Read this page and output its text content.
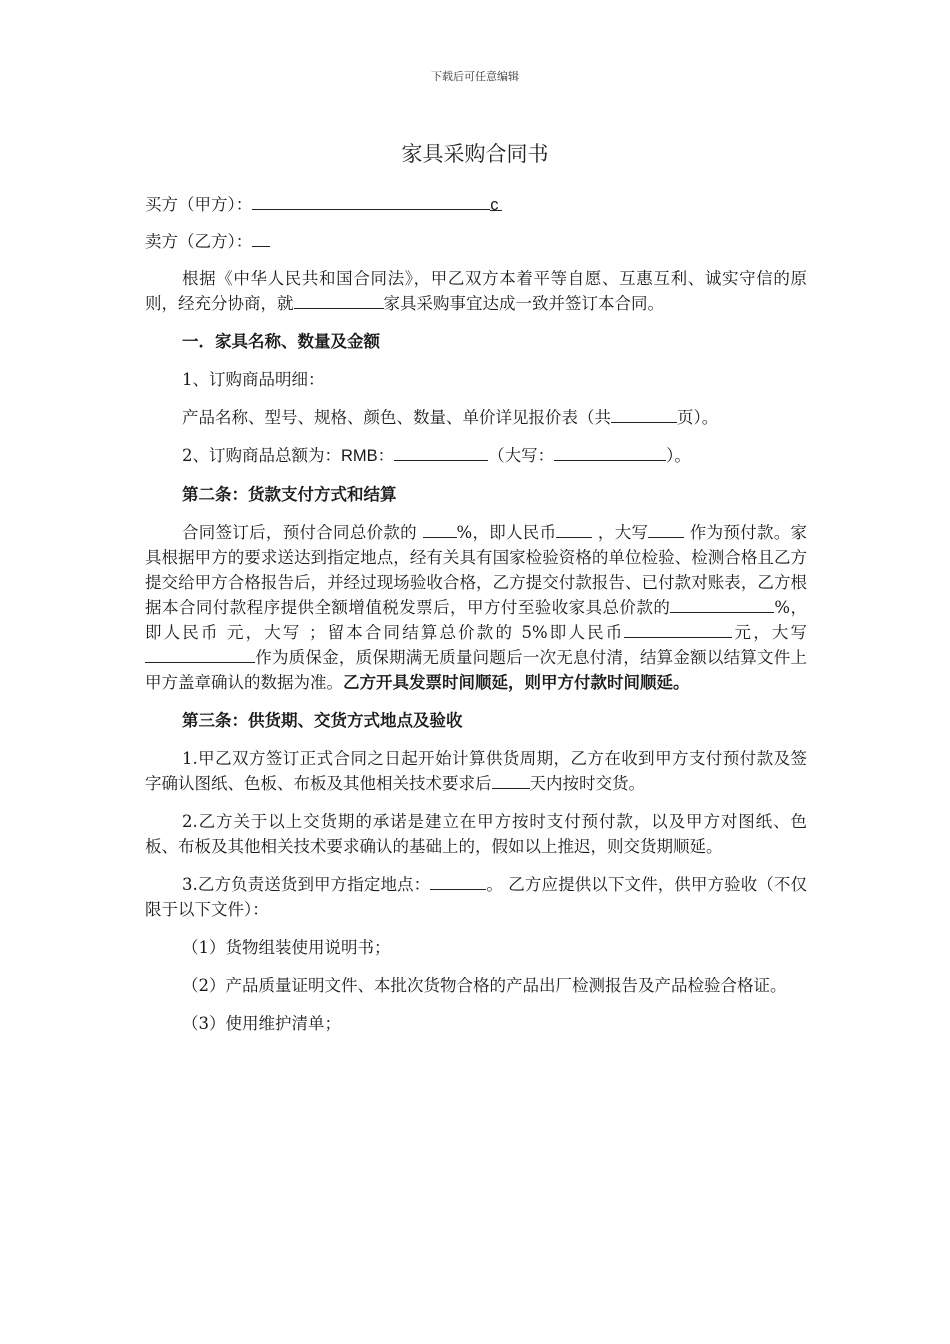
下载后可任意编辑
家具采购合同书

买方（甲方）：	c

卖方（乙方）：

根据《中华人民共和国合同法》，甲乙双方本着平等自愿、互惠互利、诚实守信的原则，经充分协商，就	家具采购事宜达成一致并签订本合同。

一．家具名称、数量及金额

1、订购商品明细：

产品名称、型号、规格、颜色、数量、单价详见报价表（共	页）。

2、订购商品总额为：RMB：	（大写：	）。

第二条：货款支付方式和结算

合同签订后，预付合同总价款的 %，即人民币 ，大写 作为预付款。家具根据甲方的要求送达到指定地点，经有关具有国家检验资格的单位检验、检测合格且乙方提交给甲方合格报告后，并经过现场验收合格，乙方提交付款报告、已付款对账表，乙方根据本合同付款程序提供全额增值税发票后，甲方付至验收家具总价款的	%，即人民币 元，大写 ；留本合同结算总价款的 5%即人民币	元，大写作为质保金，质保期满无质量问题后一次无息付清，结算金额以结算文件上甲方盖章确认的数据为准。乙方开具发票时间顺延，则甲方付款时间顺延。

第三条：供货期、交货方式地点及验收

1.甲乙双方签订正式合同之日起开始计算供货周期，乙方在收到甲方支付预付款及签字确认图纸、色板、布板及其他相关技术要求后 天内按时交货。

2.乙方关于以上交货期的承诺是建立在甲方按时支付预付款，以及甲方对图纸、色板、布板及其他相关技术要求确认的基础上的，假如以上推迟，则交货期顺延。

3.乙方负责送货到甲方指定地点：	。 乙方应提供以下文件，供甲方验收（不仅限于以下文件）：

（1）货物组装使用说明书；

（2）产品质量证明文件、本批次货物合格的产品出厂检测报告及产品检验合格证。

（3）使用维护清单；
